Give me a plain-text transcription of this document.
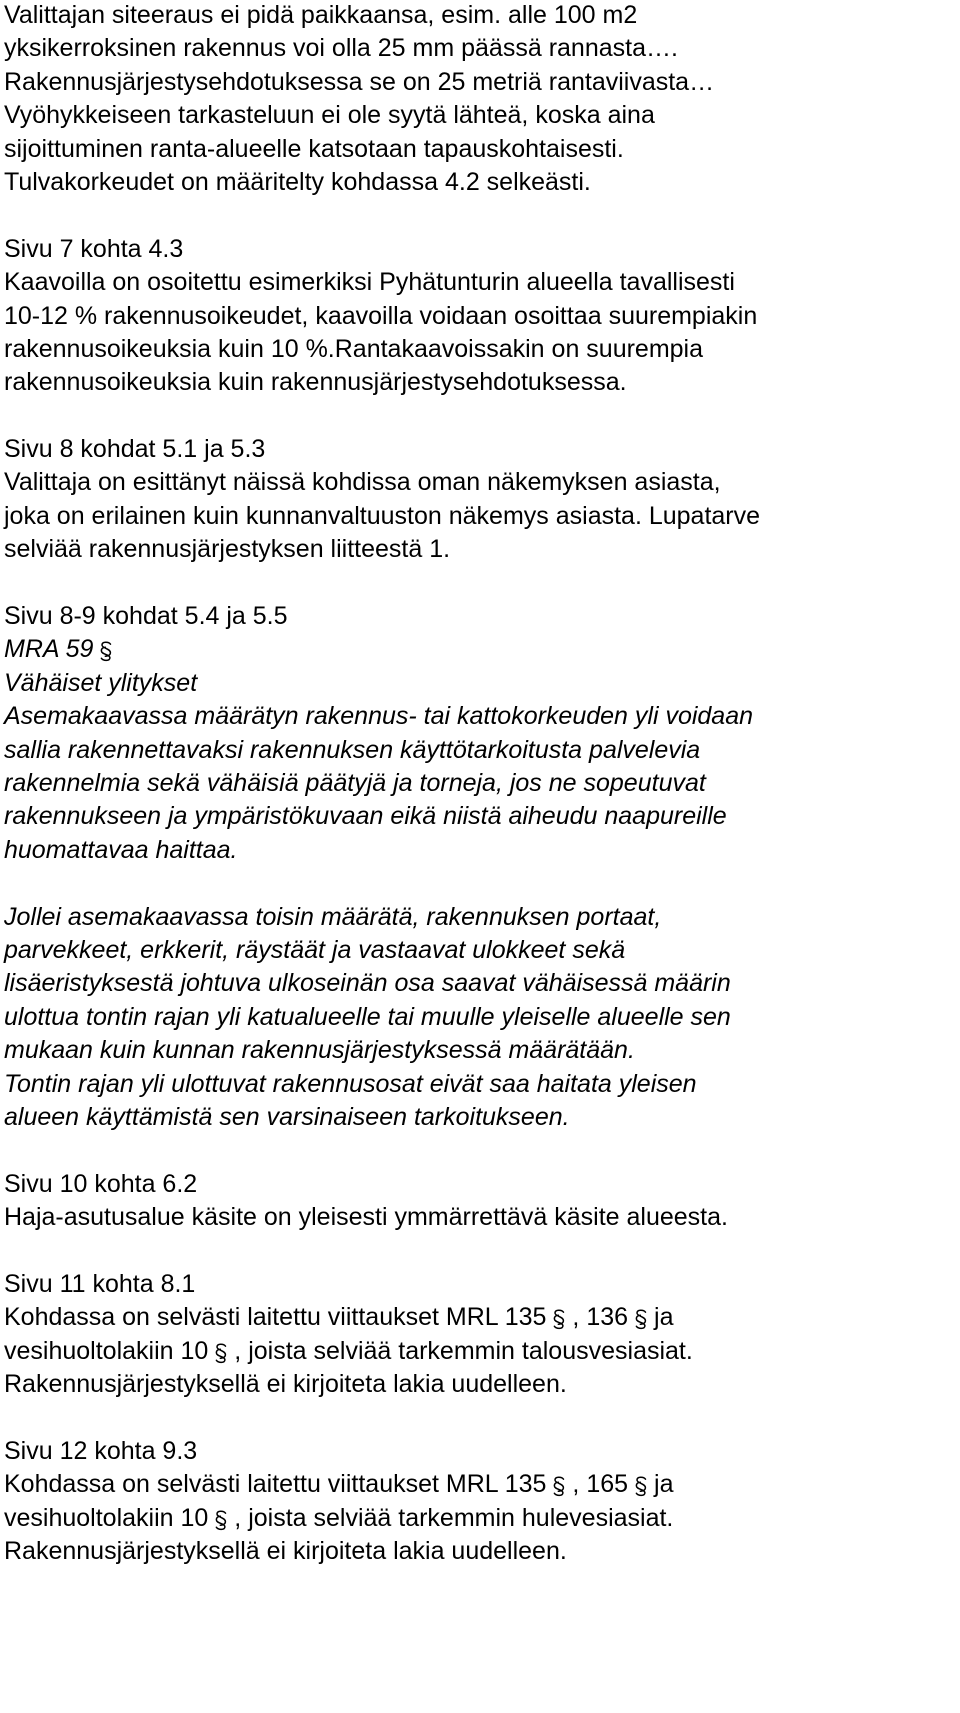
Valittajan siteeraus ei pidä paikkaansa, esim. alle 100 m2
yksikerroksinen rakennus voi olla 25 mm päässä rannasta….
Rakennusjärjestysehdotuksessa se on 25 metriä rantaviivasta…
Vyöhykkeiseen tarkasteluun ei ole syytä lähteä, koska aina
sijoittuminen ranta-alueelle katsotaan tapauskohtaisesti.
Tulvakorkeudet on määritelty kohdassa 4.2 selkeästi.
Sivu 7 kohta 4.3
Kaavoilla on osoitettu esimerkiksi Pyhätunturin alueella tavallisesti
10-12 % rakennusoikeudet, kaavoilla voidaan osoittaa suurempiakin
rakennusoikeuksia kuin 10 %.Rantakaavoissakin on suurempia
rakennusoikeuksia kuin rakennusjärjestysehdotuksessa.
Sivu 8 kohdat 5.1 ja 5.3
Valittaja on esittänyt näissä kohdissa oman näkemyksen asiasta,
joka on erilainen kuin kunnanvaltuuston näkemys asiasta. Lupatarve
selviää rakennusjärjestyksen liitteestä 1.
Sivu 8-9 kohdat 5.4 ja 5.5
MRA 59
Vähäiset ylitykset
Asemakaavassa määrätyn rakennus- tai kattokorkeuden yli voidaan
sallia rakennettavaksi rakennuksen käyttötarkoitusta palvelevia
rakennelmia sekä vähäisiä päätyjä ja torneja, jos ne sopeutuvat
rakennukseen ja ympäristökuvaan eikä niistä aiheudu naapureille
huomattavaa haittaa.
Jollei asemakaavassa toisin määrätä, rakennuksen portaat,
parvekkeet, erkkerit, räystäät ja vastaavat ulokkeet sekä
lisäeristyksestä johtuva ulkoseinän osa saavat vähäisessä määrin
ulottua tontin rajan yli katualueelle tai muulle yleiselle alueelle sen
mukaan kuin kunnan rakennusjärjestyksessä määrätään.
Tontin rajan yli ulottuvat rakennusosat eivät saa haitata yleisen
alueen käyttämistä sen varsinaiseen tarkoitukseen.
Sivu 10 kohta 6.2
Haja-asutusalue käsite on yleisesti ymmärrettävä käsite alueesta.
Sivu 11 kohta 8.1
Kohdassa on selvästi laitettu viittaukset MRL 135 , 136 ja
vesihuoltolakiin 10 , joista selviää tarkemmin talousvesiasiat.
Rakennusjärjestyksellä ei kirjoiteta lakia uudelleen.
Sivu 12 kohta 9.3
Kohdassa on selvästi laitettu viittaukset MRL 135 , 165 ja
vesihuoltolakiin 10 , joista selviää tarkemmin hulevesiasiat.
Rakennusjärjestyksellä ei kirjoiteta lakia uudelleen.
